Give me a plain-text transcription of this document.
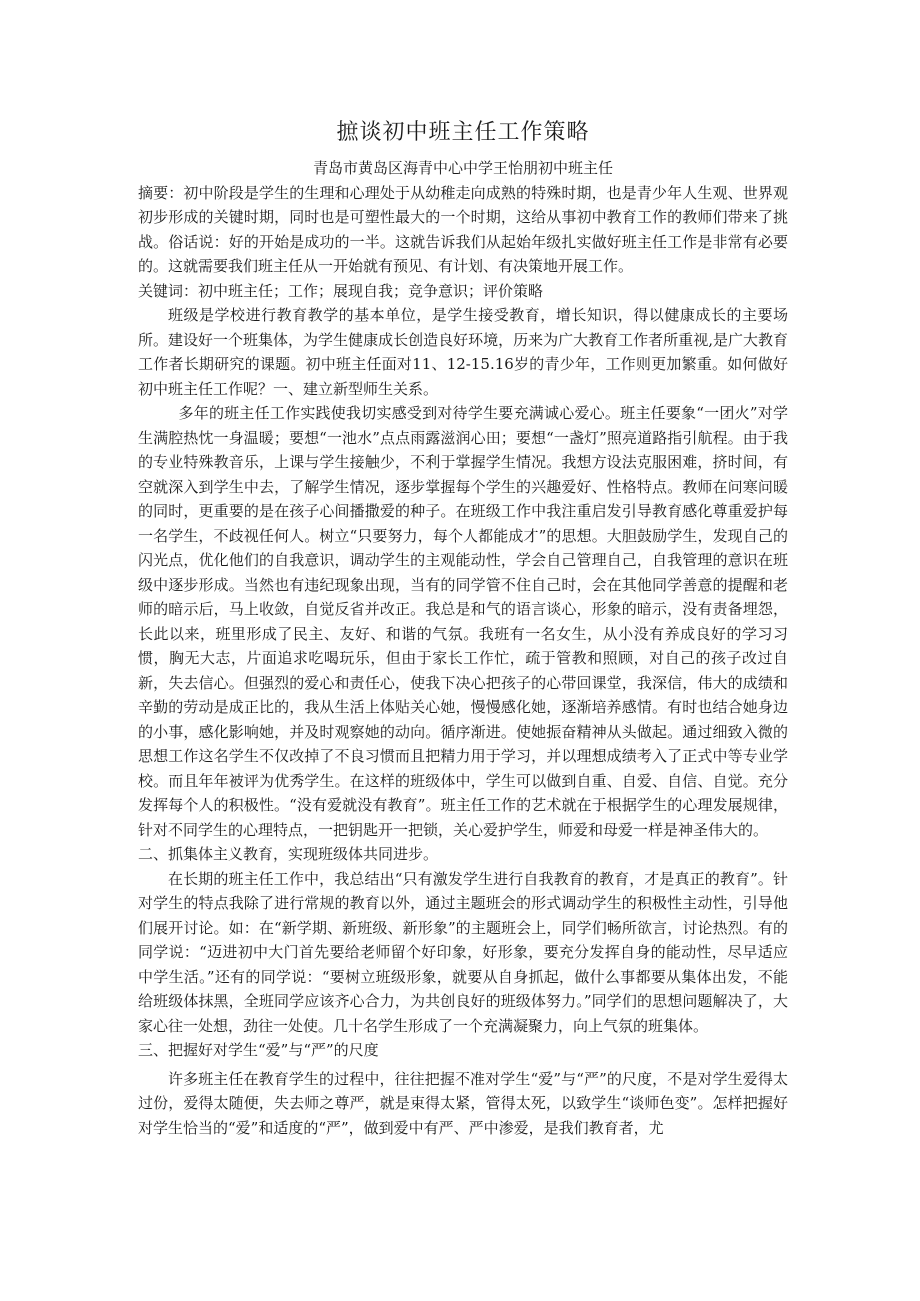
摭谈初中班主任工作策略

青岛市黄岛区海青中心中学王怡朋初中班主任

摘要：初中阶段是学生的生理和心理处于从幼稚走向成熟的特殊时期，也是青少年人生观、世界观初步形成的关键时期，同时也是可塑性最大的一个时期，这给从事初中教育工作的教师们带来了挑战。俗话说：好的开始是成功的一半。这就告诉我们从起始年级扎实做好班主任工作是非常有必要的。这就需要我们班主任从一开始就有预见、有计划、有决策地开展工作。

关键词：初中班主任；工作；展现自我；竞争意识；评价策略

班级是学校进行教育教学的基本单位，是学生接受教育，增长知识，得以健康成长的主要场所。建设好一个班集体，为学生健康成长创造良好环境，历来为广大教育工作者所重视,是广大教育工作者长期研究的课题。初中班主任面对11、12-15.16岁的青少年，工作则更加繁重。如何做好初中班主任工作呢？一、建立新型师生关系。

多年的班主任工作实践使我切实感受到对待学生要充满诚心爱心。班主任要象“一团火”对学生满腔热忱一身温暖；要想“一池水”点点雨露滋润心田；要想“一盏灯”照亮道路指引航程。由于我的专业特殊教音乐，上课与学生接触少，不利于掌握学生情况。我想方设法克服困难，挤时间，有空就深入到学生中去，了解学生情况，逐步掌握每个学生的兴趣爱好、性格特点。教师在问寒问暖的同时，更重要的是在孩子心间播撒爱的种子。在班级工作中我注重启发引导教育感化尊重爱护每一名学生，不歧视任何人。树立“只要努力，每个人都能成才”的思想。大胆鼓励学生，发现自己的闪光点，优化他们的自我意识，调动学生的主观能动性，学会自己管理自己，自我管理的意识在班级中逐步形成。当然也有违纪现象出现，当有的同学管不住自己时，会在其他同学善意的提醒和老师的暗示后，马上收敛，自觉反省并改正。我总是和气的语言谈心，形象的暗示，没有责备埋怨，长此以来，班里形成了民主、友好、和谐的气氛。我班有一名女生，从小没有养成良好的学习习惯，胸无大志，片面追求吃喝玩乐，但由于家长工作忙，疏于管教和照顾，对自己的孩子改过自新，失去信心。但强烈的爱心和责任心，使我下决心把孩子的心带回课堂，我深信，伟大的成绩和辛勤的劳动是成正比的，我从生活上体贴关心她，慢慢感化她，逐渐培养感情。有时也结合她身边的小事，感化影响她，并及时观察她的动向。循序渐进。使她振奋精神从头做起。通过细致入微的思想工作这名学生不仅改掉了不良习惯而且把精力用于学习，并以理想成绩考入了正式中等专业学校。而且年年被评为优秀学生。在这样的班级体中，学生可以做到自重、自爱、自信、自觉。充分发挥每个人的积极性。“没有爱就没有教育”。班主任工作的艺术就在于根据学生的心理发展规律，针对不同学生的心理特点，一把钥匙开一把锁，关心爱护学生，师爱和母爱一样是神圣伟大的。

二、抓集体主义教育，实现班级体共同进步。

在长期的班主任工作中，我总结出“只有激发学生进行自我教育的教育，才是真正的教育”。针对学生的特点我除了进行常规的教育以外，通过主题班会的形式调动学生的积极性主动性，引导他们展开讨论。如：在“新学期、新班级、新形象”的主题班会上，同学们畅所欲言，讨论热烈。有的同学说：“迈进初中大门首先要给老师留个好印象，好形象，要充分发挥自身的能动性，尽早适应中学生活。”还有的同学说：“要树立班级形象，就要从自身抓起，做什么事都要从集体出发，不能给班级体抹黑，全班同学应该齐心合力，为共创良好的班级体努力。”同学们的思想问题解决了，大家心往一处想，劲往一处使。几十名学生形成了一个充满凝聚力，向上气氛的班集体。

三、把握好对学生“爱”与“严”的尺度

许多班主任在教育学生的过程中，往往把握不准对学生“爱”与“严”的尺度，不是对学生爱得太过份，爱得太随便，失去师之尊严，就是束得太紧，管得太死，以致学生“谈师色变”。怎样把握好对学生恰当的“爱”和适度的“严”，做到爱中有严、严中渗爱，是我们教育者，尤
